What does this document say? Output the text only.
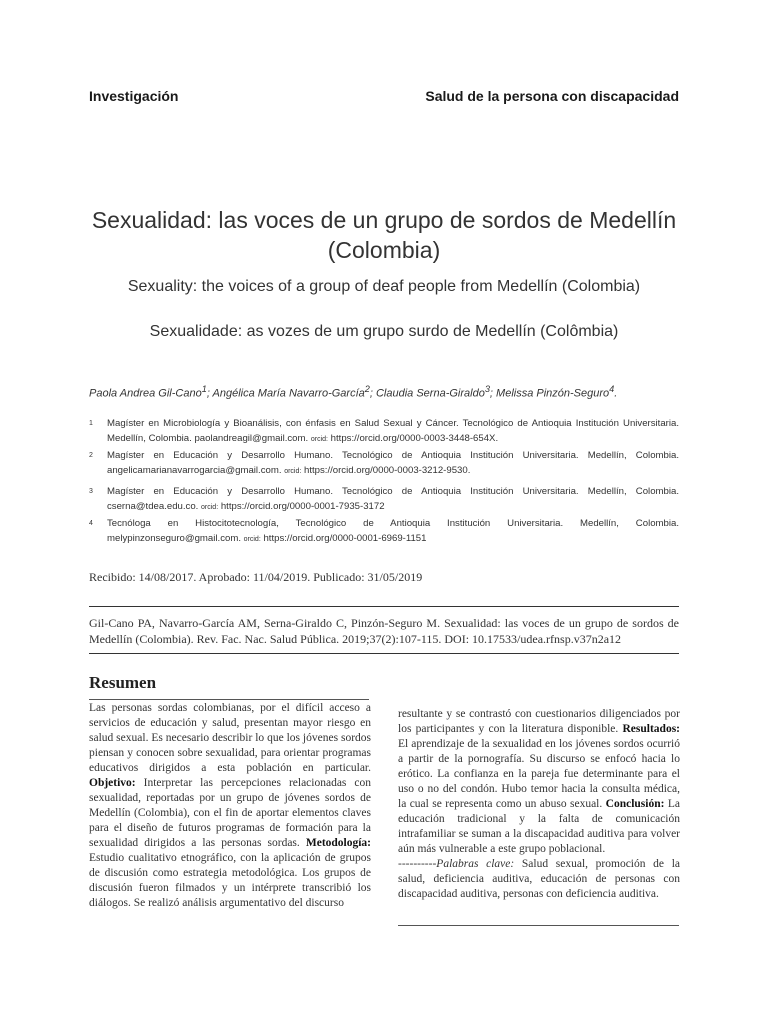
Investigación	Salud de la persona con discapacidad
Sexualidad: las voces de un grupo de sordos de Medellín (Colombia)
Sexuality: the voices of a group of deaf people from Medellín (Colombia)
Sexualidade: as vozes de um grupo surdo de Medellín (Colômbia)
Paola Andrea Gil-Cano$^1$; Angélica María Navarro-García$^2$; Claudia Serna-Giraldo$^3$; Melissa Pinzón-Seguro$^4$.
1 Magíster en Microbiología y Bioanálisis, con énfasis en Salud Sexual y Cáncer. Tecnológico de Antioquia Institución Universitaria. Medellín, Colombia. paolandreagil@gmail.com. orcid: https://orcid.org/0000-0003-3448-654X.
2 Magíster en Educación y Desarrollo Humano. Tecnológico de Antioquia Institución Universitaria. Medellín, Colombia. angelicamarianavarrogarcia@gmail.com. orcid: https://orcid.org/0000-0003-3212-9530.
3 Magíster en Educación y Desarrollo Humano. Tecnológico de Antioquia Institución Universitaria. Medellín, Colombia. cserna@tdea.edu.co. orcid: https://orcid.org/0000-0001-7935-3172
4 Tecnóloga en Histocitotecnología, Tecnológico de Antioquia Institución Universitaria. Medellín, Colombia. melypinzonseguro@gmail.com. orcid: https://orcid.org/0000-0001-6969-1151
Recibido: 14/08/2017. Aprobado: 11/04/2019. Publicado: 31/05/2019
Gil-Cano PA, Navarro-García AM, Serna-Giraldo C, Pinzón-Seguro M. Sexualidad: las voces de un grupo de sordos de Medellín (Colombia). Rev. Fac. Nac. Salud Pública. 2019;37(2):107-115. DOI: 10.17533/udea.rfnsp.v37n2a12
Resumen
Las personas sordas colombianas, por el difícil acceso a servicios de educación y salud, presentan mayor riesgo en salud sexual. Es necesario describir lo que los jóvenes sordos piensan y conocen sobre sexualidad, para orientar programas educativos dirigidos a esta población en particular. Objetivo: Interpretar las percepciones relacionadas con sexualidad, reportadas por un grupo de jóvenes sordos de Medellín (Colombia), con el fin de aportar elementos claves para el diseño de futuros programas de formación para la sexualidad dirigidos a las personas sordas. Metodología: Estudio cualitativo etnográfico, con la aplicación de grupos de discusión como estrategia metodológica. Los grupos de discusión fueron filmados y un intérprete transcribió los diálogos. Se realizó análisis argumentativo del discurso
resultante y se contrastó con cuestionarios diligenciados por los participantes y con la literatura disponible. Resultados: El aprendizaje de la sexualidad en los jóvenes sordos ocurrió a partir de la pornografía. Su discurso se enfocó hacia lo erótico. La confianza en la pareja fue determinante para el uso o no del condón. Hubo temor hacia la consulta médica, la cual se representa como un abuso sexual. Conclusión: La educación tradicional y la falta de comunicación intrafamiliar se suman a la discapacidad auditiva para volver aún más vulnerable a este grupo poblacional.
----------Palabras clave: Salud sexual, promoción de la salud, deficiencia auditiva, educación de personas con discapacidad auditiva, personas con deficiencia auditiva.
